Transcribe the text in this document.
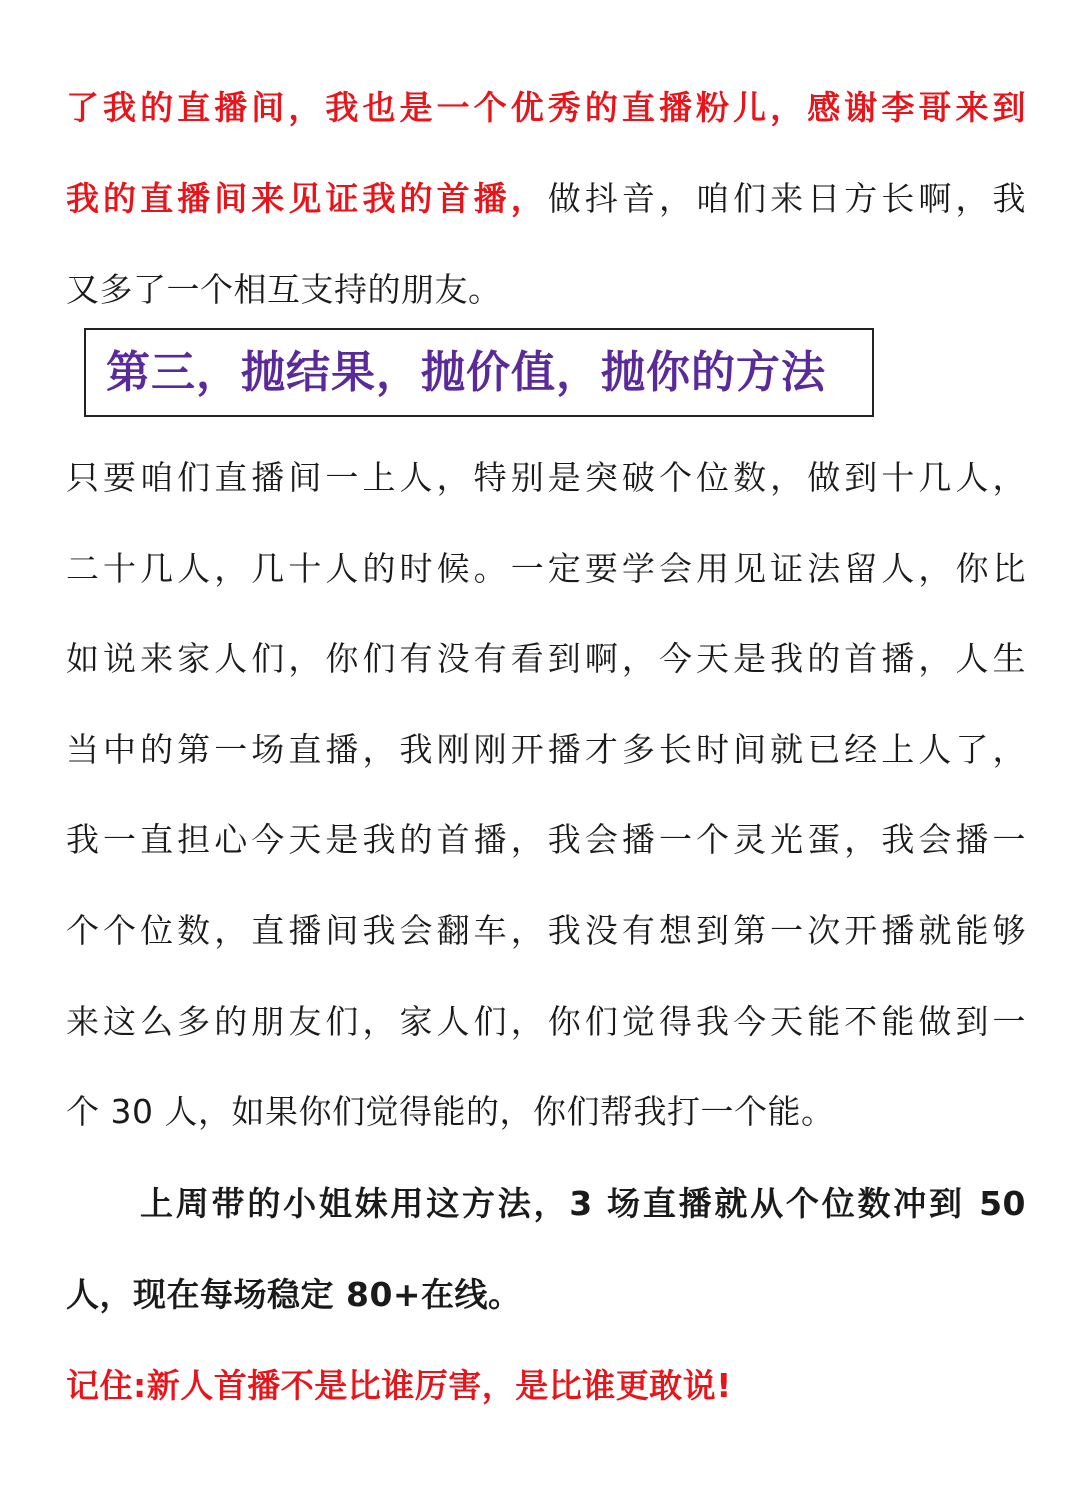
了我的直播间，我也是一个优秀的直播粉儿，感谢李哥来到
我的直播间来见证我的首播，做抖音，咱们来日方长啊，我
又多了一个相互支持的朋友。
第三，抛结果，抛价值，抛你的方法
只要咱们直播间一上人，特别是突破个位数，做到十几人，
二十几人，几十人的时候。一定要学会用见证法留人，你比
如说来家人们，你们有没有看到啊，今天是我的首播，人生
当中的第一场直播，我刚刚开播才多长时间就已经上人了，
我一直担心今天是我的首播，我会播一个灵光蛋，我会播一
个个位数，直播间我会翻车，我没有想到第一次开播就能够
来这么多的朋友们，家人们，你们觉得我今天能不能做到一
个 30 人，如果你们觉得能的，你们帮我打一个能。
上周带的小姐妹用这方法，3 场直播就从个位数冲到 50
人，现在每场稳定 80+在线。
记住:新人首播不是比谁厉害，是比谁更敢说!
